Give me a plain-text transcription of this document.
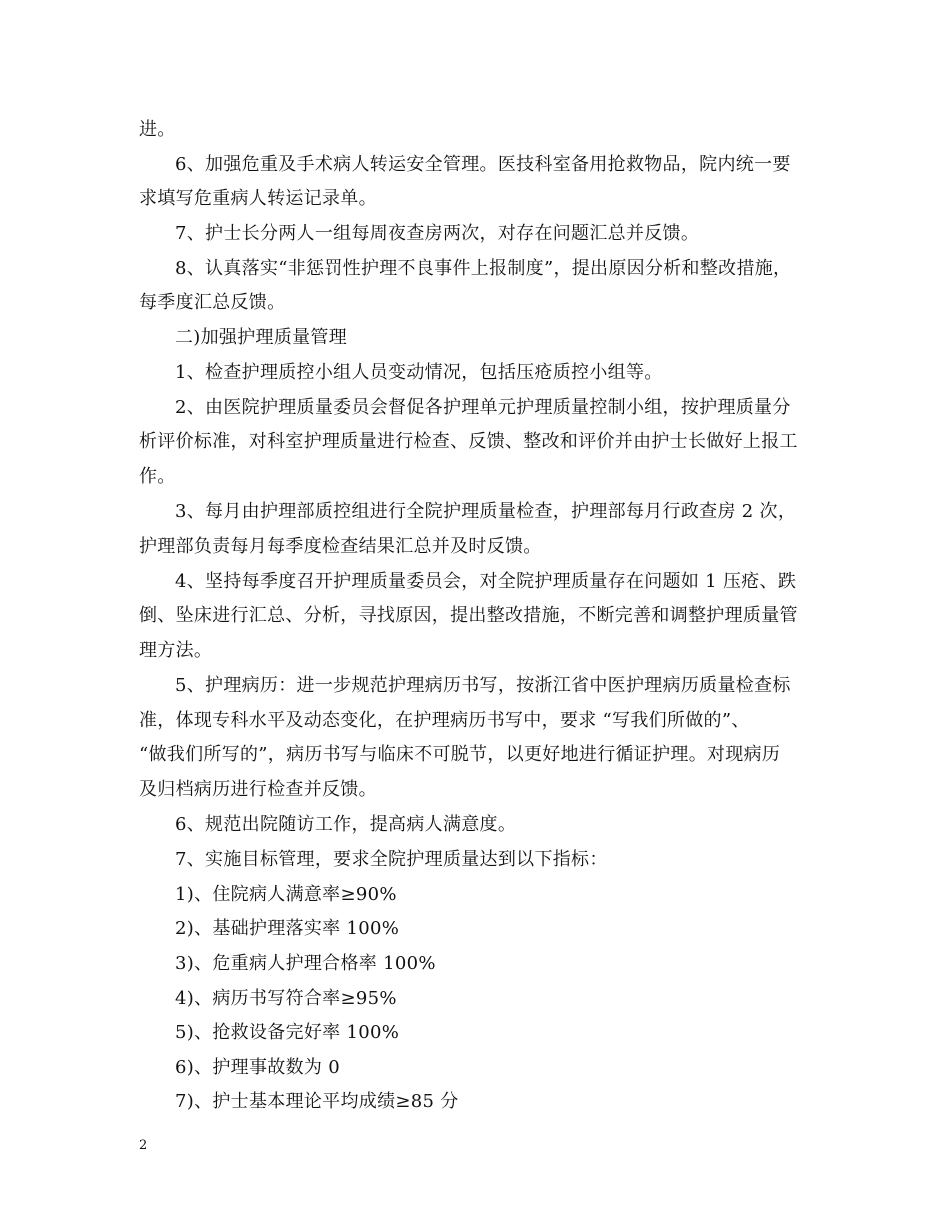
进。
6、加强危重及手术病人转运安全管理。医技科室备用抢救物品，院内统一要
求填写危重病人转运记录单。
7、护士长分两人一组每周夜查房两次，对存在问题汇总并反馈。
8、认真落实“非惩罚性护理不良事件上报制度”，提出原因分析和整改措施，
每季度汇总反馈。
二)加强护理质量管理
1、检查护理质控小组人员变动情况，包括压疮质控小组等。
2、由医院护理质量委员会督促各护理单元护理质量控制小组，按护理质量分
析评价标准，对科室护理质量进行检查、反馈、整改和评价并由护士长做好上报工
作。
3、每月由护理部质控组进行全院护理质量检查，护理部每月行政查房 2 次，
护理部负责每月每季度检查结果汇总并及时反馈。
4、坚持每季度召开护理质量委员会，对全院护理质量存在问题如 1 压疮、跌
倒、坠床进行汇总、分析，寻找原因，提出整改措施，不断完善和调整护理质量管
理方法。
5、护理病历：进一步规范护理病历书写，按浙江省中医护理病历质量检查标
准，体现专科水平及动态变化，在护理病历书写中，要求 “写我们所做的”、
“做我们所写的”，病历书写与临床不可脱节，以更好地进行循证护理。对现病历
及归档病历进行检查并反馈。
6、规范出院随访工作，提高病人满意度。
7、实施目标管理，要求全院护理质量达到以下指标：
1)、住院病人满意率≥90%
2)、基础护理落实率 100%
3)、危重病人护理合格率 100%
4)、病历书写符合率≥95%
5)、抢救设备完好率 100%
6)、护理事故数为 0
7)、护士基本理论平均成绩≥85 分
2
